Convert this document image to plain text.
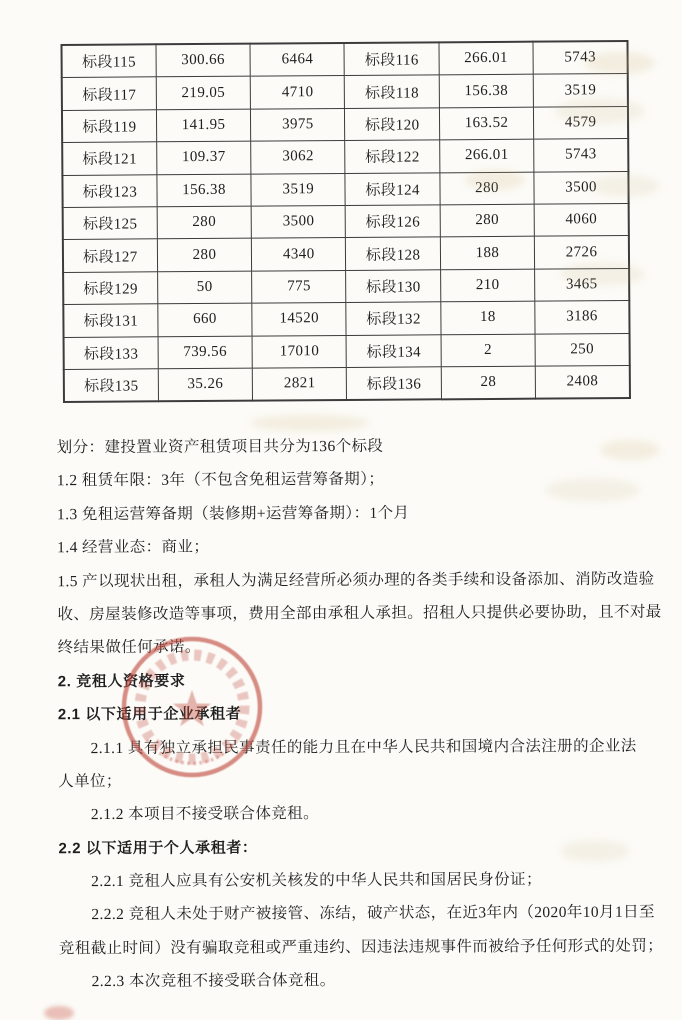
标段115	300.66	6464	标段116	266.01	5743
标段117	219.05	4710	标段118	156.38	3519
标段119	141.95	3975	标段120	163.52	4579
标段121	109.37	3062	标段122	266.01	5743
标段123	156.38	3519	标段124	280	3500
标段125	280	3500	标段126	280	4060
标段127	280	4340	标段128	188	2726
标段129	50	775	标段130	210	3465
标段131	660	14520	标段132	18	3186
标段133	739.56	17010	标段134	2	250
标段135	35.26	2821	标段136	28	2408
划分：建投置业资产租赁项目共分为136个标段
1.2 租赁年限：3年（不包含免租运营筹备期）；
1.3 免租运营筹备期（装修期+运营筹备期）：1个月
1.4 经营业态：商业；
1.5 产以现状出租，承租人为满足经营所必须办理的各类手续和设备添加、消防改造验
收、房屋装修改造等事项，费用全部由承租人承担。招租人只提供必要协助，且不对最
终结果做任何承诺。
2. 竞租人资格要求
2.1 以下适用于企业承租者
2.1.1 具有独立承担民事责任的能力且在中华人民共和国境内合法注册的企业法
人单位；
2.1.2 本项目不接受联合体竞租。
2.2 以下适用于个人承租者：
2.2.1 竞租人应具有公安机关核发的中华人民共和国居民身份证；
2.2.2 竞租人未处于财产被接管、冻结，破产状态，在近3年内（2020年10月1日至
竞租截止时间）没有骗取竞租或严重违约、因违法违规事件而被给予任何形式的处罚；
2.2.3 本次竞租不接受联合体竞租。
